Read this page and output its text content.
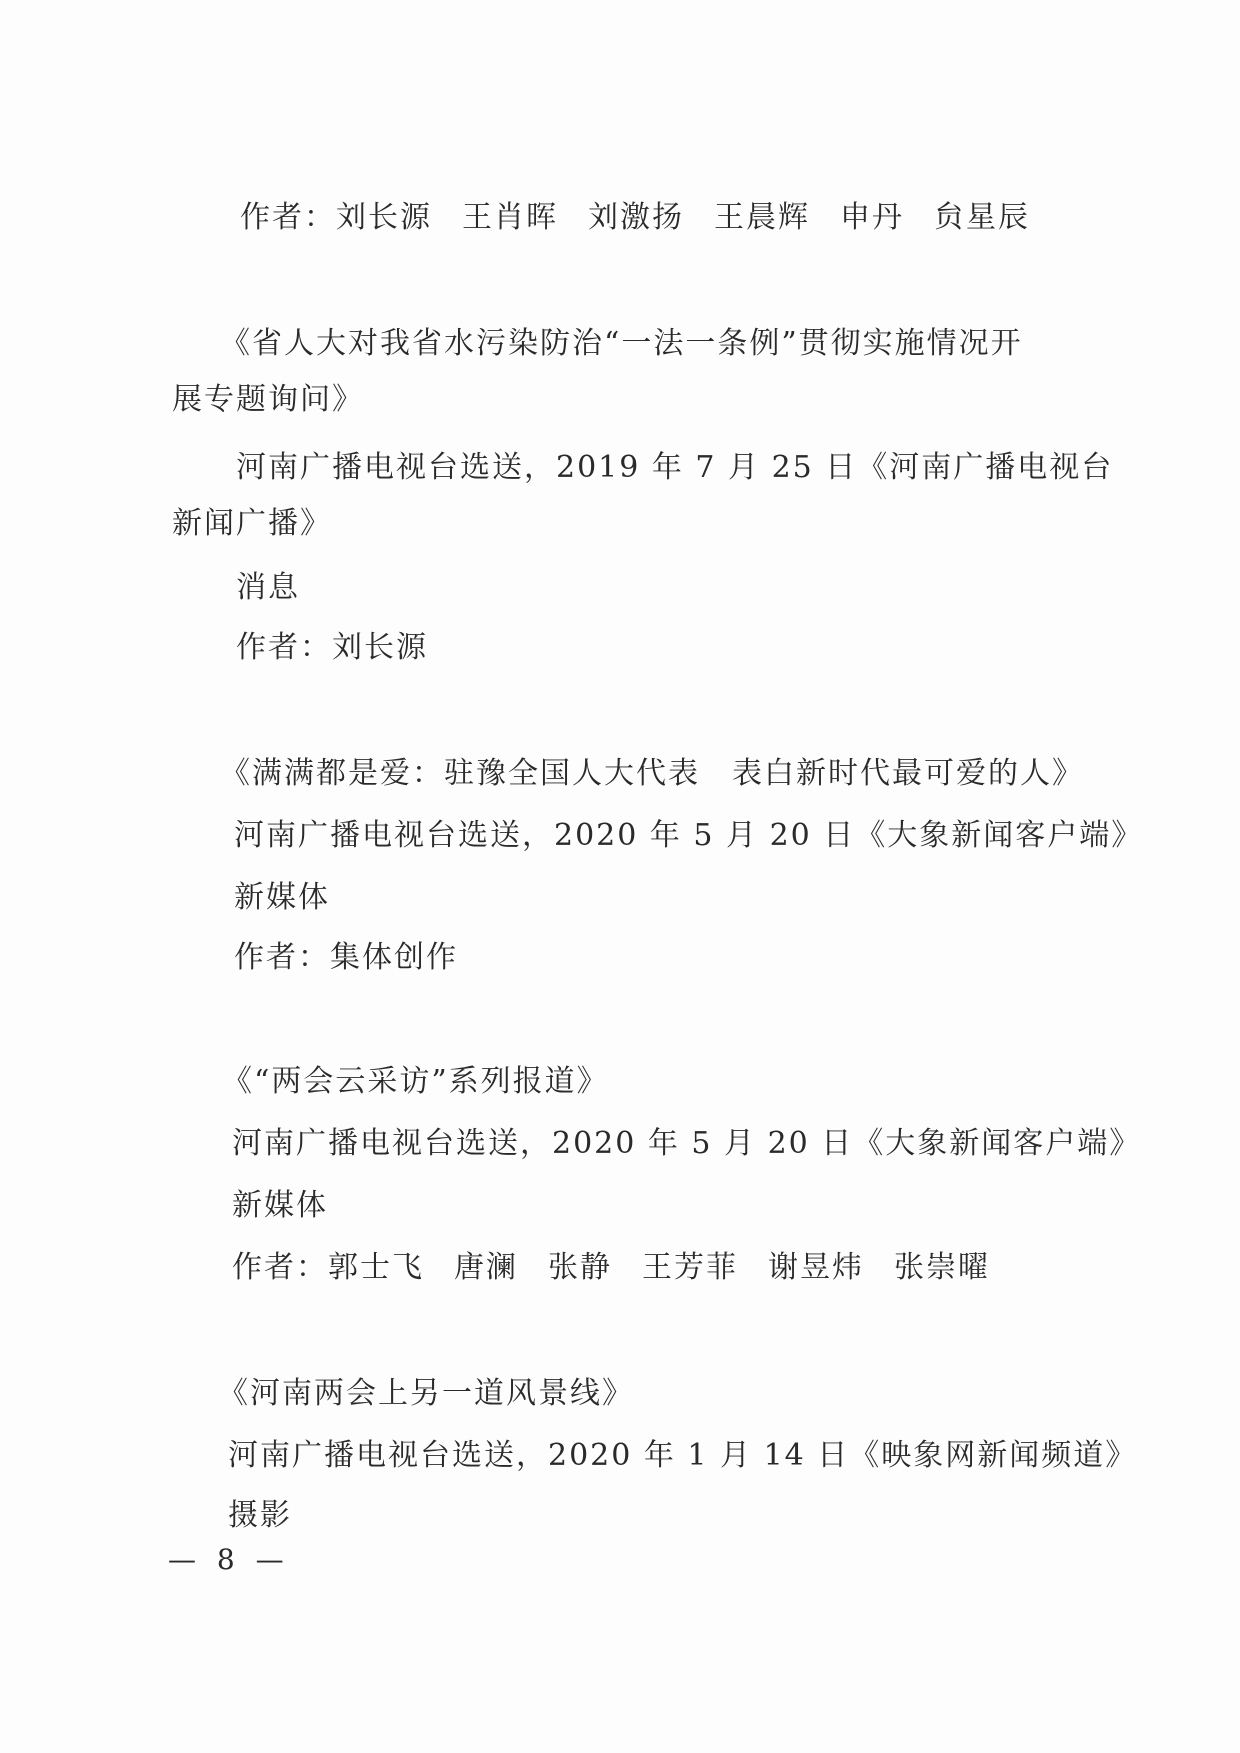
作者：刘长源 王肖晖 刘激扬 王晨辉 申丹 贠星辰
《省人大对我省水污染防治“一法一条例”贯彻实施情况开
展专题询问》
河南广播电视台选送，2019 年 7 月 25 日《河南广播电视台
新闻广播》
消息
作者：刘长源
《满满都是爱：驻豫全国人大代表　表白新时代最可爱的人》
河南广播电视台选送，2020 年 5 月 20 日《大象新闻客户端》
新媒体
作者：集体创作
《“两会云采访”系列报道》
河南广播电视台选送，2020 年 5 月 20 日《大象新闻客户端》
新媒体
作者：郭士飞 唐澜 张静 王芳菲 谢昱炜 张崇曜
《河南两会上另一道风景线》
河南广播电视台选送，2020 年 1 月 14 日《映象网新闻频道》
摄影
— 8 —
